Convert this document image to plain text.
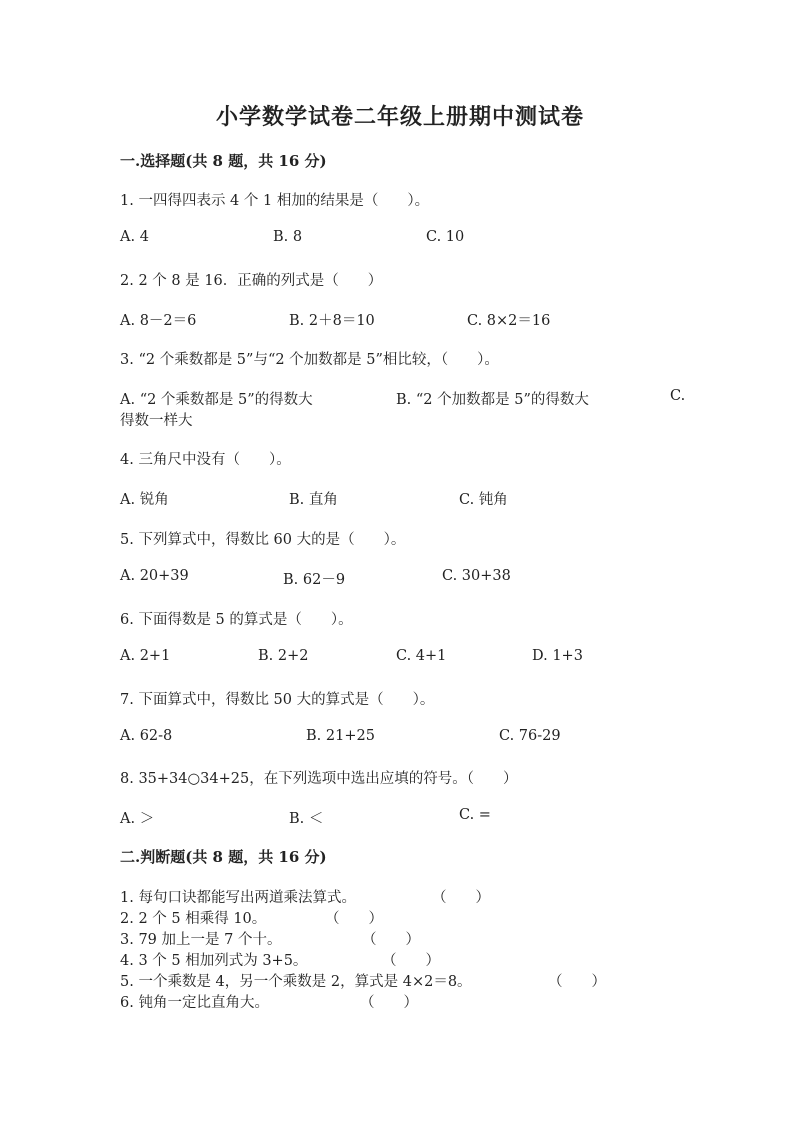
小学数学试卷二年级上册期中测试卷
一.选择题(共 8 题，共 16 分)
1. 一四得四表示 4 个 1 相加的结果是（　　）。
A. 4	B. 8	C. 10
2. 2 个 8 是 16．正确的列式是（　　）
A. 8－2＝6	B. 2＋8＝10	C. 8×2＝16
3. “2 个乘数都是 5”与“2 个加数都是 5”相比较，（　　）。
A. “2 个乘数都是 5”的得数大	B. “2 个加数都是 5”的得数大	C.
得数一样大
4. 三角尺中没有（　　）。
A. 锐角	B. 直角	C. 钝角
5. 下列算式中，得数比 60 大的是（　　）。
A. 20+39	B. 62－9	C. 30+38
6. 下面得数是 5 的算式是（　　）。
A. 2+1	B. 2+2	C. 4+1	D. 1+3
7. 下面算式中，得数比 50 大的算式是（　　）。
A. 62-8	B. 21+25	C. 76-29
8. 35+34○34+25，在下列选项中选出应填的符号。（　　）
A. ＞	B. ＜	C. =
二.判断题(共 8 题，共 16 分)
1. 每句口诀都能写出两道乘法算式。	（　　）
2. 2 个 5 相乘得 10。	（　　）
3. 79 加上一是 7 个十。	（　　）
4. 3 个 5 相加列式为 3+5。	（　　）
5. 一个乘数是 4，另一个乘数是 2，算式是 4×2＝8。	（　　）
6. 钝角一定比直角大。	（　　）
